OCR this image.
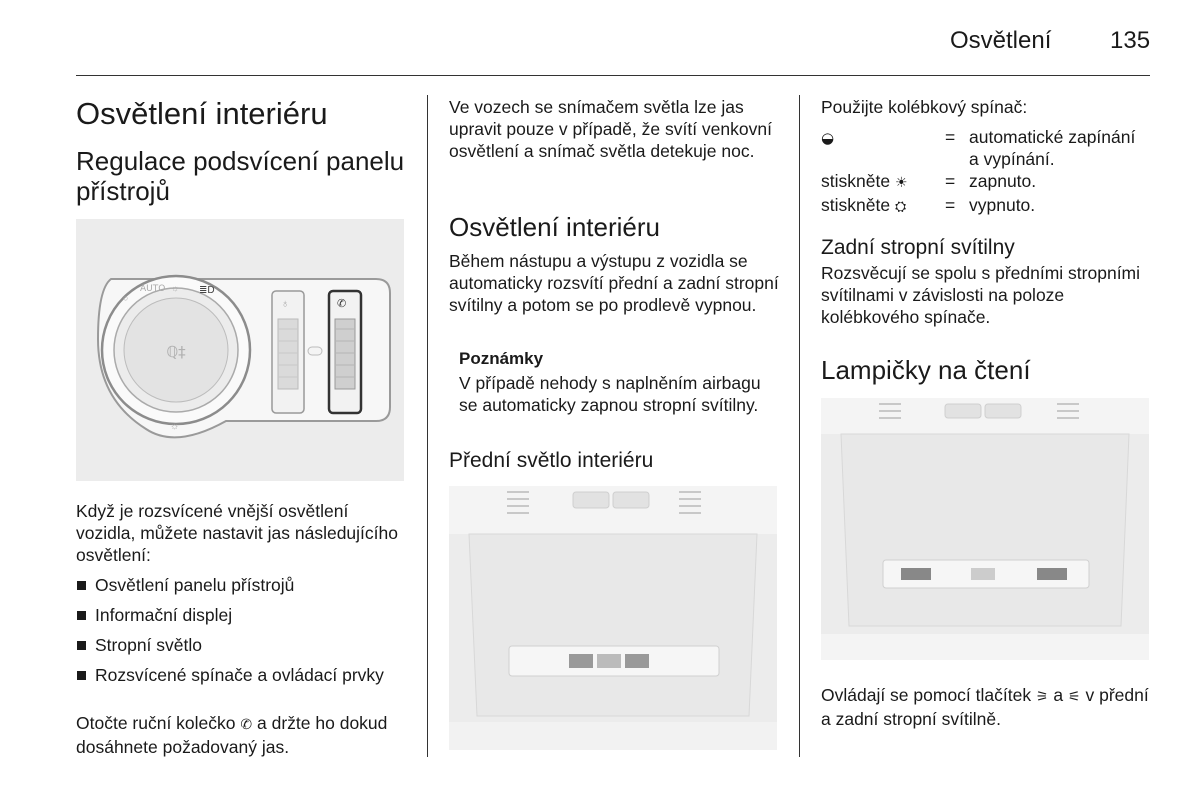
Osvětlení 135
Osvětlení interiéru
Regulace podsvícení panelu přístrojů
ℚ‡
AUTO
○
☼ ≣D
☼
♁	✆

Když je rozsvícené vnější osvětlení vozidla, můžete nastavit jas následujícího osvětlení:

Osvětlení panelu přístrojů
Informační displej
Stropní světlo
Rozsvícené spínače a ovládací prvky

Otočte ruční kolečko ✆ a držte ho dokud dosáhnete požadovaný jas.

Ve vozech se snímačem světla lze jas upravit pouze v případě, že svítí venkovní osvětlení a snímač světla detekuje noc.

Osvětlení interiéru

Během nástupu a výstupu z vozidla se automaticky rozsvítí přední a zadní stropní svítilny a potom se po prodlevě vypnou.

Poznámky

V případě nehody s naplněním airbagu se automaticky zapnou stropní svítilny.

Přední světlo interiéru

Použijte kolébkový spínač:

◒	=	automatické zapínání a vypínání.
stiskněte ☀	=	zapnuto.
stiskněte ⛭	=	vypnuto.
Zadní stropní svítilny

Rozsvěcují se spolu s předními stropními svítilnami v závislosti na poloze kolébkového spínače.

Lampičky na čtení

Ovládají se pomocí tlačítek ⚞ a ⚟ v přední a zadní stropní svítilně.
